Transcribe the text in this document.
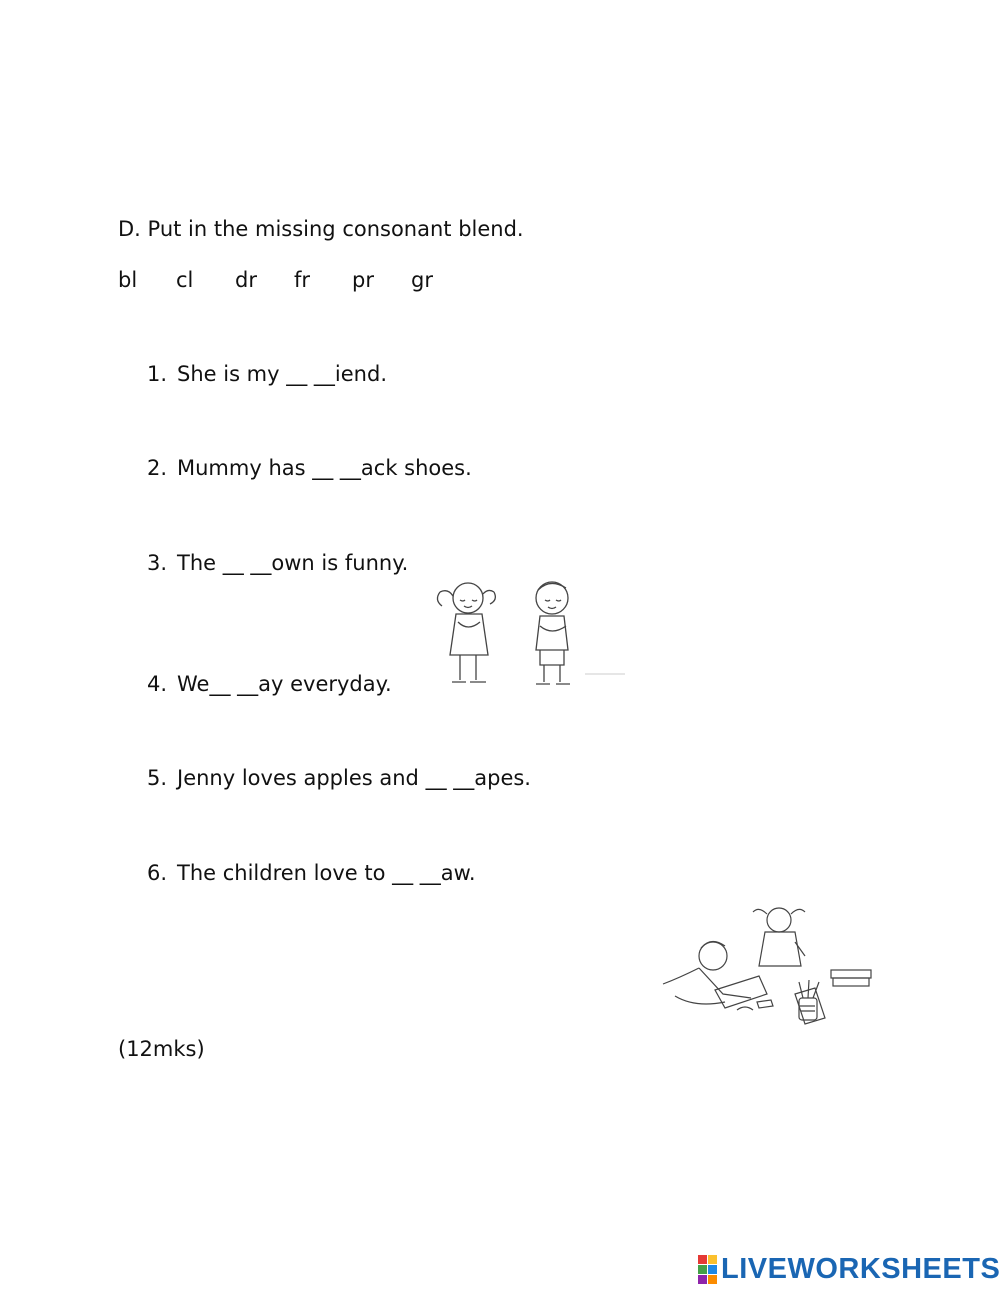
D. Put in the missing consonant blend.
bl cl dr fr pr gr
1. She is my __ __iend.
2. Mummy has __ __ack shoes.
3. The __ __own is funny.
4. We__ __ay everyday.
5. Jenny loves apples and __ __apes.
6. The children love to __ __aw.
(12mks)
LIVEWORKSHEETS
